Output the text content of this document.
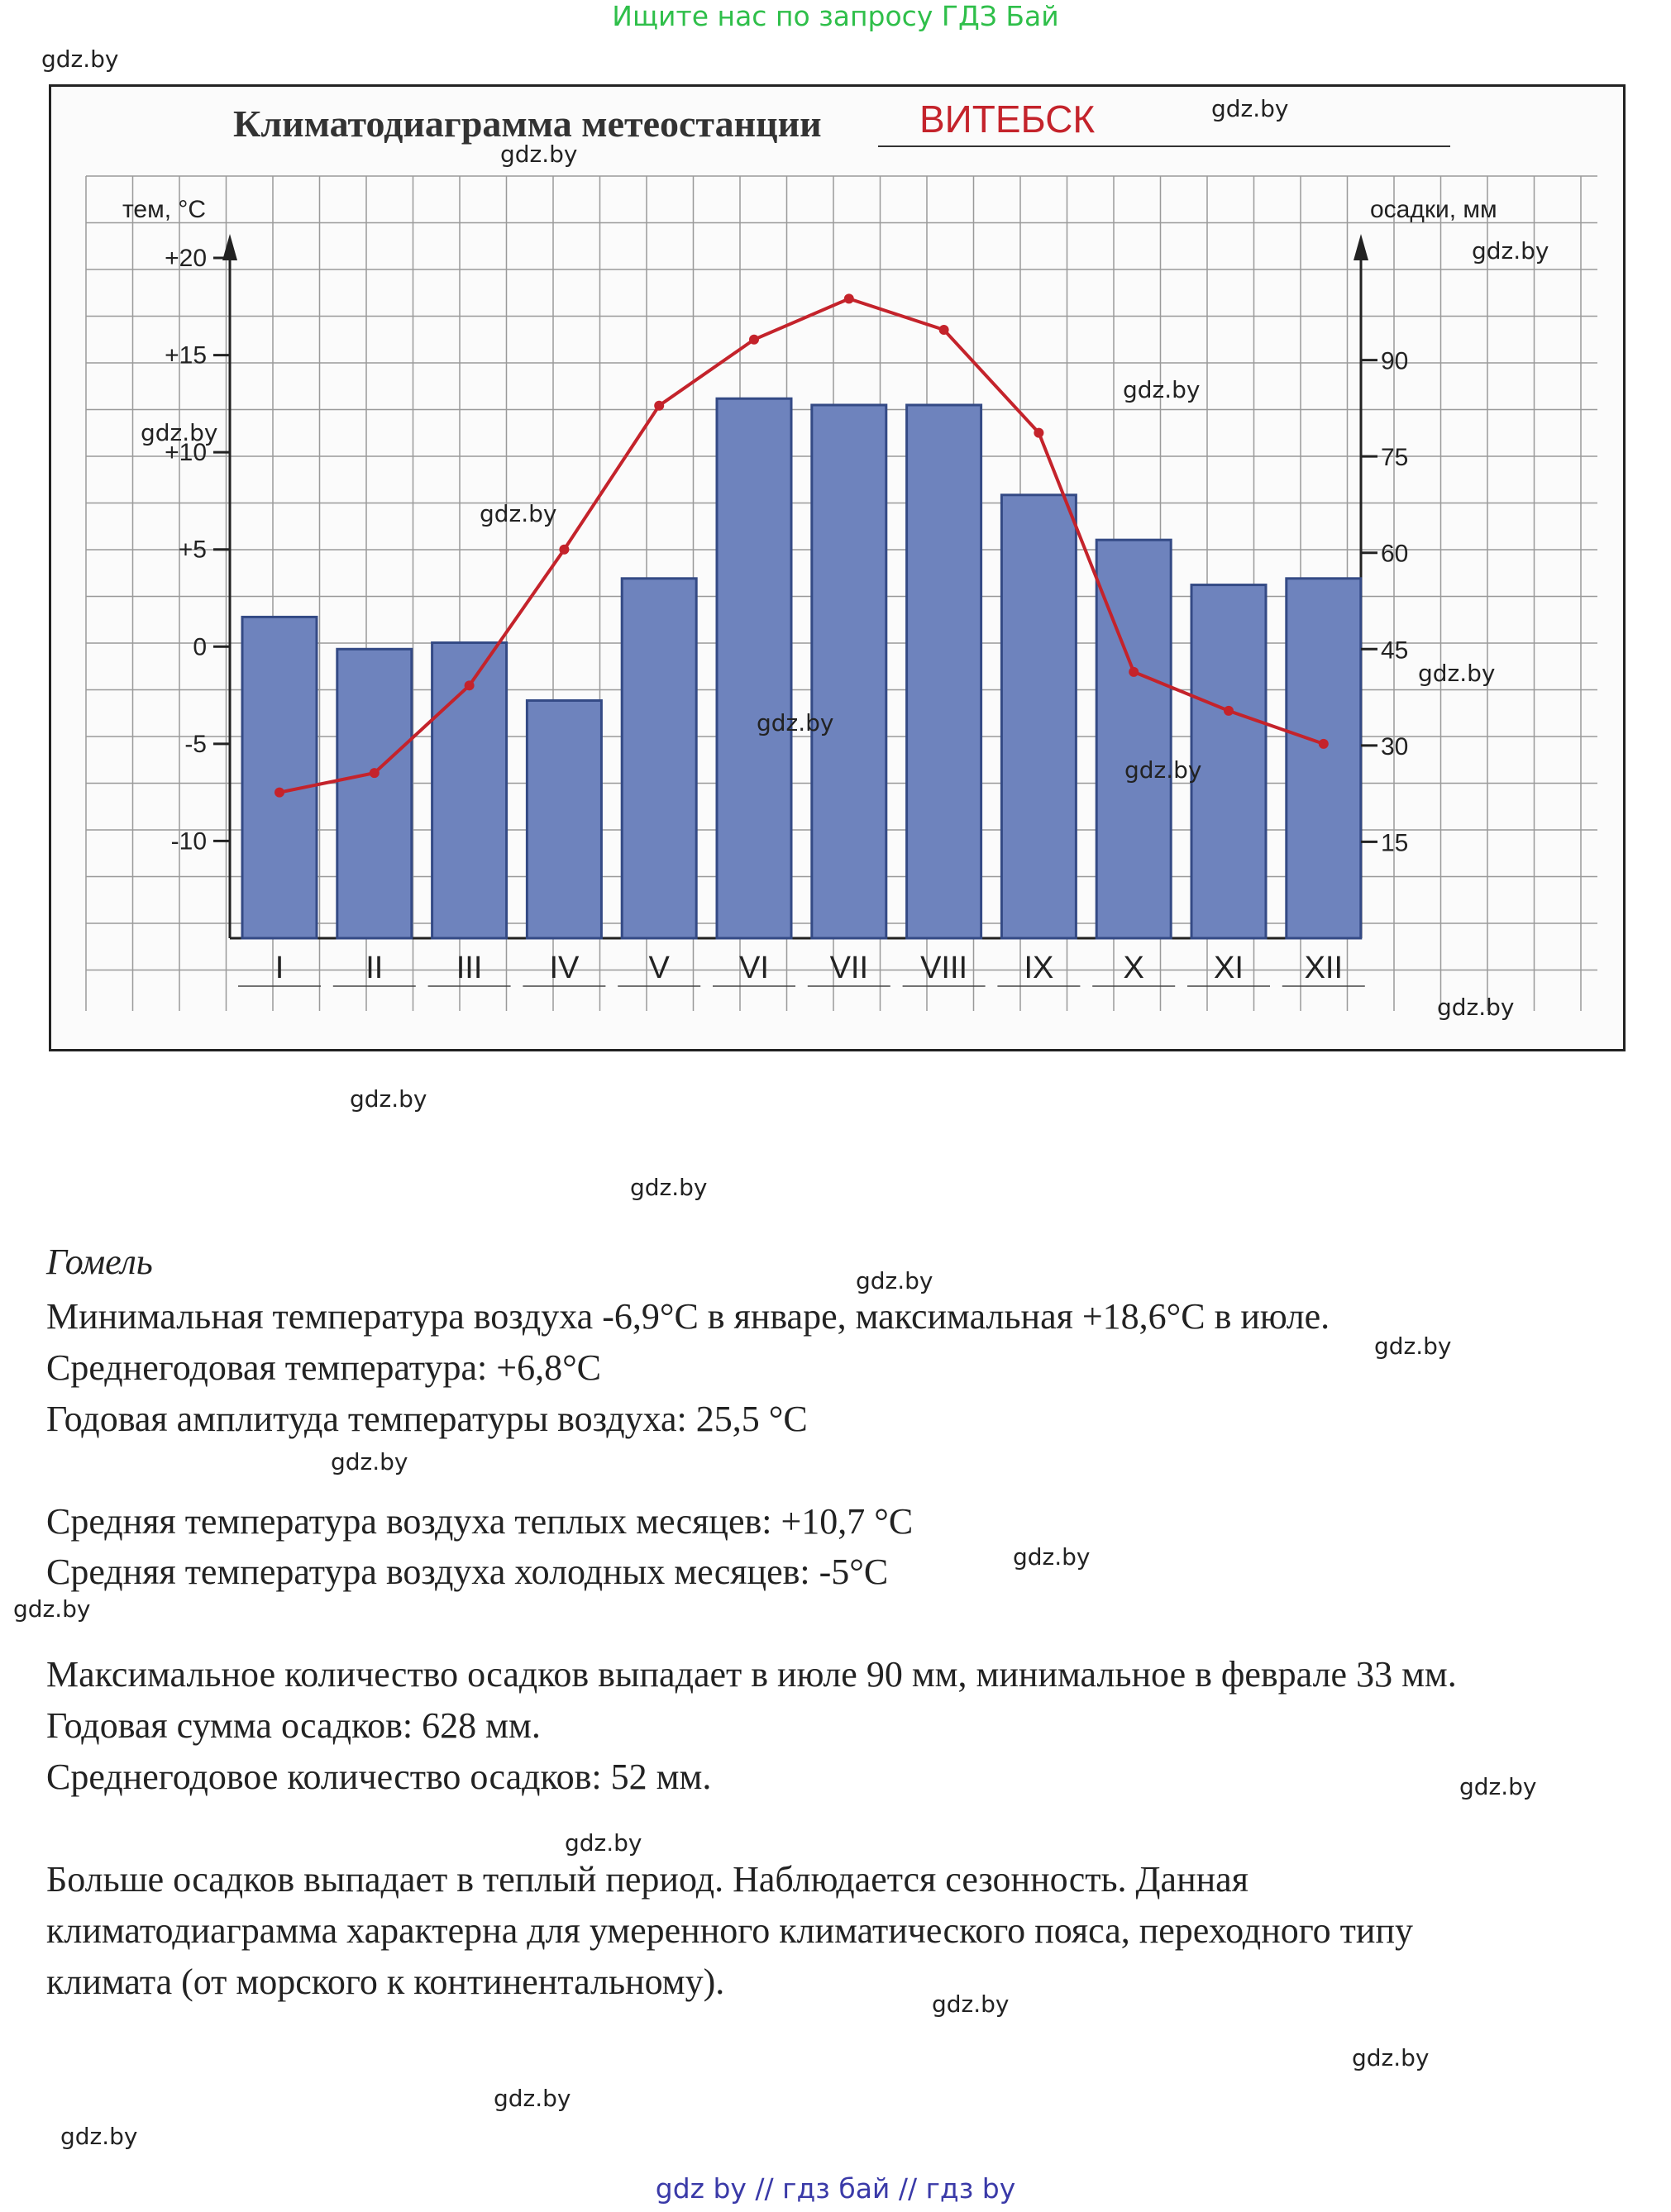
Ищите нас по запросу ГДЗ Бай
Климатодиаграмма метеостанции	ВИТЕБСК
тем, °C	осадки, мм
+20
+15
+10
+5
0
-5
-10
90
75
60
45
30
15
I	II III IV V VI VII VIII IX X XI XII
gdz.by
gdz.by
gdz.by
gdz.by
gdz.by
gdz.by
gdz.by
gdz.by
gdz.by
gdz.by
gdz.by
gdz.by
gdz.by
gdz.by
gdz.by
gdz.by
gdz.by
gdz.by
gdz.by
gdz.by
gdz.by
gdz.by
gdz.by
gdz.by
Гомель
Минимальная температура воздуха -6,9°С в январе, максимальная +18,6°С в июле.
Среднегодовая температура: +6,8°С
Годовая амплитуда температуры воздуха: 25,5 °С
Средняя температура воздуха теплых месяцев: +10,7 °С
Средняя температура воздуха холодных месяцев: -5°С
Максимальное количество осадков выпадает в июле 90 мм, минимальное в феврале 33 мм.
Годовая сумма осадков: 628 мм.
Среднегодовое количество осадков: 52 мм.
Больше осадков выпадает в теплый период. Наблюдается сезонность. Данная
климатодиаграмма характерна для умеренного климатического пояса, переходного типу
климата (от морского к континентальному).
gdz by // гдз бай // гдз by
